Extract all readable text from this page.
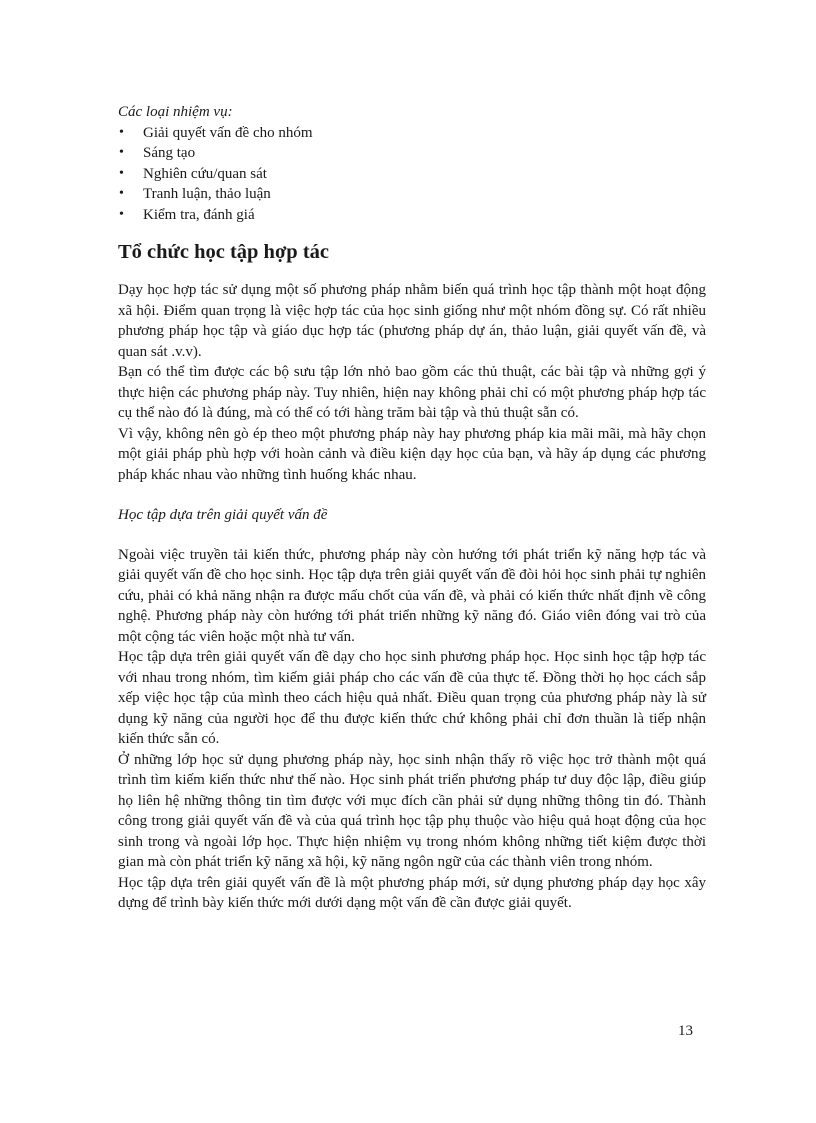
Các loại nhiệm vụ:

• Giải quyết vấn đề cho nhóm
• Sáng tạo
• Nghiên cứu/quan sát
• Tranh luận, thảo luận
• Kiểm tra, đánh giá
Tổ chức học tập hợp tác

Dạy học hợp tác sử dụng một số phương pháp nhằm biến quá trình học tập thành một hoạt động xã hội. Điểm quan trọng là việc hợp tác của học sinh giống như một nhóm đồng sự. Có rất nhiều phương pháp học tập và giáo dục hợp tác (phương pháp dự án, thảo luận, giải quyết vấn đề, và quan sát .v.v).

Bạn có thể tìm được các bộ sưu tập lớn nhỏ bao gồm các thủ thuật, các bài tập và những gợi ý thực hiện các phương pháp này. Tuy nhiên, hiện nay không phải chỉ có một phương pháp hợp tác cụ thể nào đó là đúng, mà có thể có tới hàng trăm bài tập và thủ thuật sẵn có.

Vì vậy, không nên gò ép theo một phương pháp này hay phương pháp kia mãi mãi, mà hãy chọn một giải pháp phù hợp với hoàn cảnh và điều kiện dạy học của bạn, và hãy áp dụng các phương pháp khác nhau vào những tình huống khác nhau.

Học tập dựa trên giải quyết vấn đề

Ngoài việc truyền tải kiến thức, phương pháp này còn hướng tới phát triển kỹ năng hợp tác và giải quyết vấn đề cho học sinh. Học tập dựa trên giải quyết vấn đề đòi hỏi học sinh phải tự nghiên cứu, phải có khả năng nhận ra được mấu chốt của vấn đề, và phải có kiến thức nhất định về công nghệ. Phương pháp này còn hướng tới phát triển những kỹ năng đó. Giáo viên đóng vai trò của một cộng tác viên hoặc một nhà tư vấn.

Học tập dựa trên giải quyết vấn đề dạy cho học sinh phương pháp học. Học sinh học tập hợp tác với nhau trong nhóm, tìm kiếm giải pháp cho các vấn đề của thực tế. Đồng thời họ học cách sắp xếp việc học tập của mình theo cách hiệu quả nhất. Điều quan trọng của phương pháp này là sử dụng kỹ năng của người học để thu được kiến thức chứ không phải chỉ đơn thuần là tiếp nhận kiến thức sẵn có.

Ở những lớp học sử dụng phương pháp này, học sinh nhận thấy rõ việc học trở thành một quá trình tìm kiếm kiến thức như thế nào. Học sinh phát triển phương pháp tư duy độc lập, điều giúp họ liên hệ những thông tin tìm được với mục đích cần phải sử dụng những thông tin đó. Thành công trong giải quyết vấn đề và của quá trình học tập phụ thuộc vào hiệu quả hoạt động của học sinh trong và ngoài lớp học. Thực hiện nhiệm vụ trong nhóm không những tiết kiệm được thời gian mà còn phát triển kỹ năng xã hội, kỹ năng ngôn ngữ của các thành viên trong nhóm.

Học tập dựa trên giải quyết vấn đề là một phương pháp mới, sử dụng phương pháp dạy học xây dựng để trình bày kiến thức mới dưới dạng một vấn đề cần được giải quyết.

13
